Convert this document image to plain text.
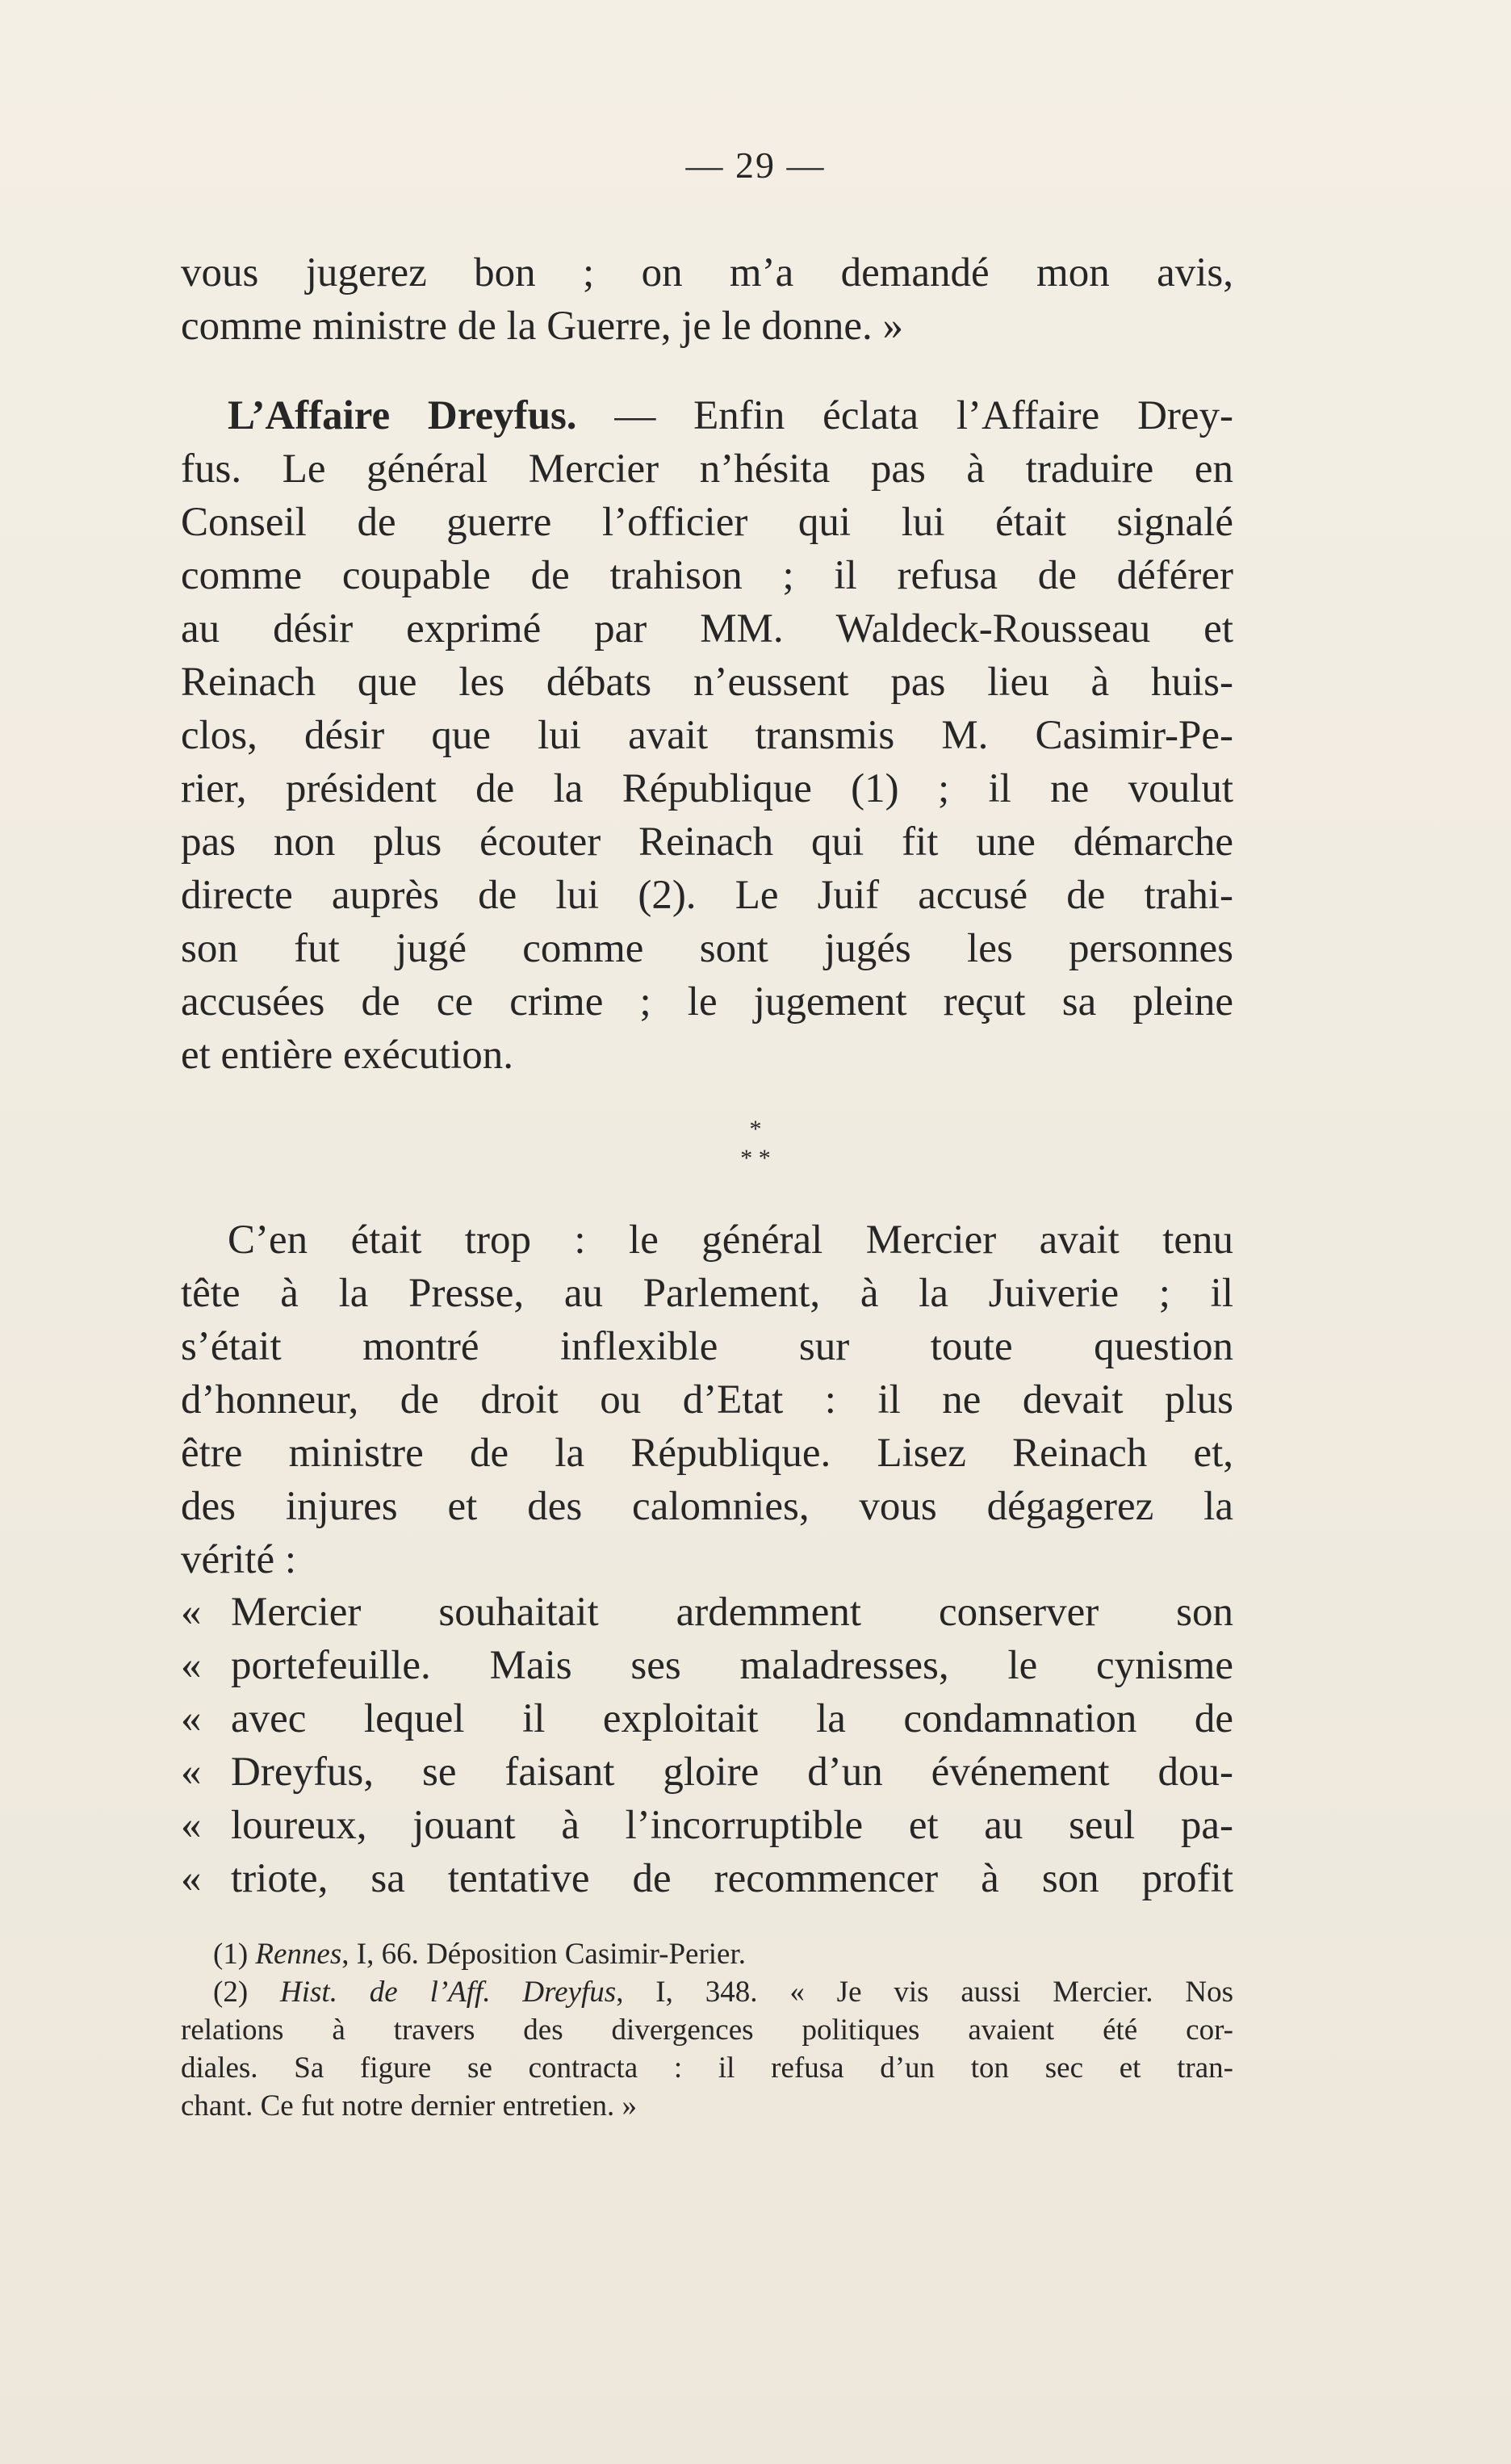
— 29 —
vous jugerez bon ; on m’a demandé mon avis,
comme ministre de la Guerre, je le donne. »
L’Affaire Dreyfus. — Enfin éclata l’Affaire Drey-
fus. Le général Mercier n’hésita pas à traduire en
Conseil de guerre l’officier qui lui était signalé
comme coupable de trahison ; il refusa de déférer
au désir exprimé par MM. Waldeck-Rousseau et
Reinach que les débats n’eussent pas lieu à huis-
clos, désir que lui avait transmis M. Casimir-Pe-
rier, président de la République (1) ; il ne voulut
pas non plus écouter Reinach qui fit une démarche
directe auprès de lui (2). Le Juif accusé de trahi-
son fut jugé comme sont jugés les personnes
accusées de ce crime ; le jugement reçut sa pleine
et entière exécution.
*
* *
C’en était trop : le général Mercier avait tenu
tête à la Presse, au Parlement, à la Juiverie ; il
s’était montré inflexible sur toute question
d’honneur, de droit ou d’Etat : il ne devait plus
être ministre de la République. Lisez Reinach et,
des injures et des calomnies, vous dégagerez la
vérité :
« Mercier souhaitait ardemment conserver son
« portefeuille. Mais ses maladresses, le cynisme
« avec lequel il exploitait la condamnation de
« Dreyfus, se faisant gloire d’un événement dou-
« loureux, jouant à l’incorruptible et au seul pa-
« triote, sa tentative de recommencer à son profit
(1) Rennes, I, 66. Déposition Casimir-Perier.
(2) Hist. de l’Aff. Dreyfus, I, 348. « Je vis aussi Mercier. Nos
relations à travers des divergences politiques avaient été cor-
diales. Sa figure se contracta : il refusa d’un ton sec et tran-
chant. Ce fut notre dernier entretien. »
